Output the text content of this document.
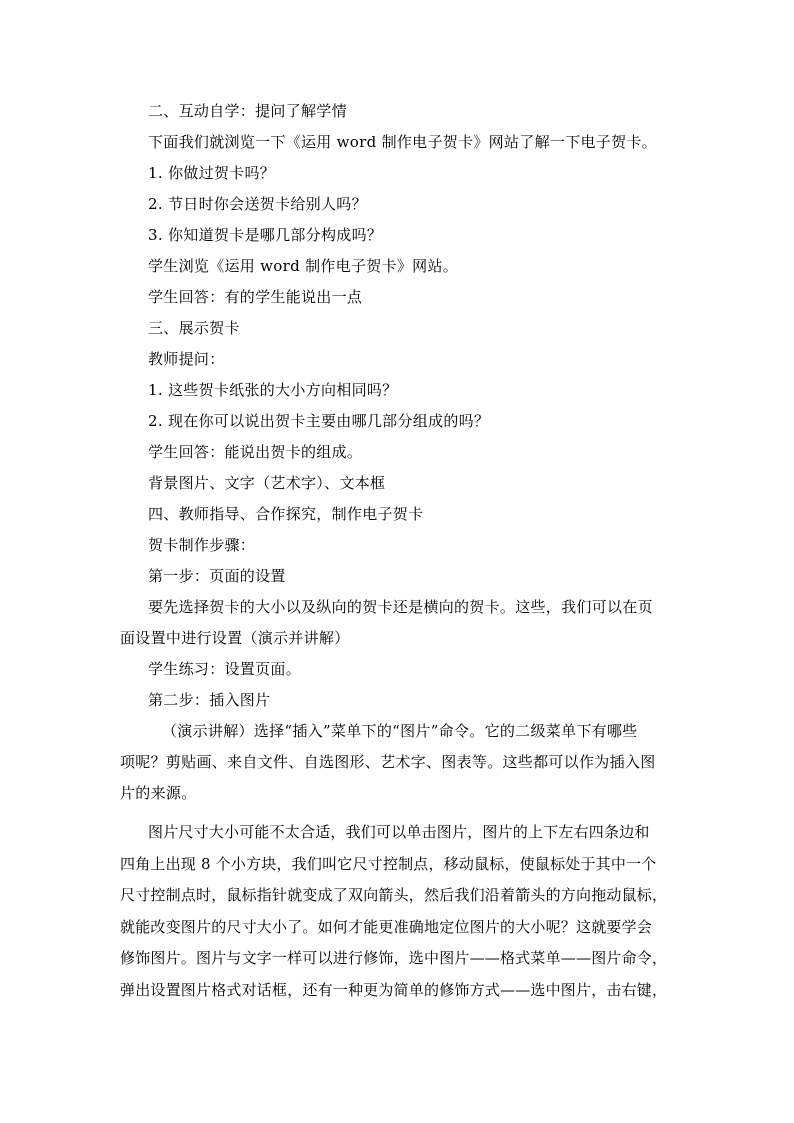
二、互动自学：提问了解学情
下面我们就浏览一下《运用 word 制作电子贺卡》网站了解一下电子贺卡。
1. 你做过贺卡吗？
2. 节日时你会送贺卡给别人吗？
3. 你知道贺卡是哪几部分构成吗？
学生浏览《运用 word 制作电子贺卡》网站。
学生回答：有的学生能说出一点
三、展示贺卡
教师提问：
1. 这些贺卡纸张的大小方向相同吗？
2. 现在你可以说出贺卡主要由哪几部分组成的吗？
学生回答：能说出贺卡的组成。
背景图片、文字（艺术字）、文本框
四、教师指导、合作探究，制作电子贺卡
贺卡制作步骤：
第一步：页面的设置
要先选择贺卡的大小以及纵向的贺卡还是横向的贺卡。这些，我们可以在页
面设置中进行设置（演示并讲解）
学生练习：设置页面。
第二步：插入图片
（演示讲解）选择“插入”菜单下的“图片”命令。它的二级菜单下有哪些
项呢？剪贴画、来自文件、自选图形、艺术字、图表等。这些都可以作为插入图
片的来源。
图片尺寸大小可能不太合适，我们可以单击图片，图片的上下左右四条边和
四角上出现 8 个小方块，我们叫它尺寸控制点，移动鼠标，使鼠标处于其中一个
尺寸控制点时，鼠标指针就变成了双向箭头，然后我们沿着箭头的方向拖动鼠标，
就能改变图片的尺寸大小了。如何才能更准确地定位图片的大小呢？这就要学会
修饰图片。图片与文字一样可以进行修饰，选中图片——格式菜单——图片命令，
弹出设置图片格式对话框，还有一种更为简单的修饰方式——选中图片，击右键，
